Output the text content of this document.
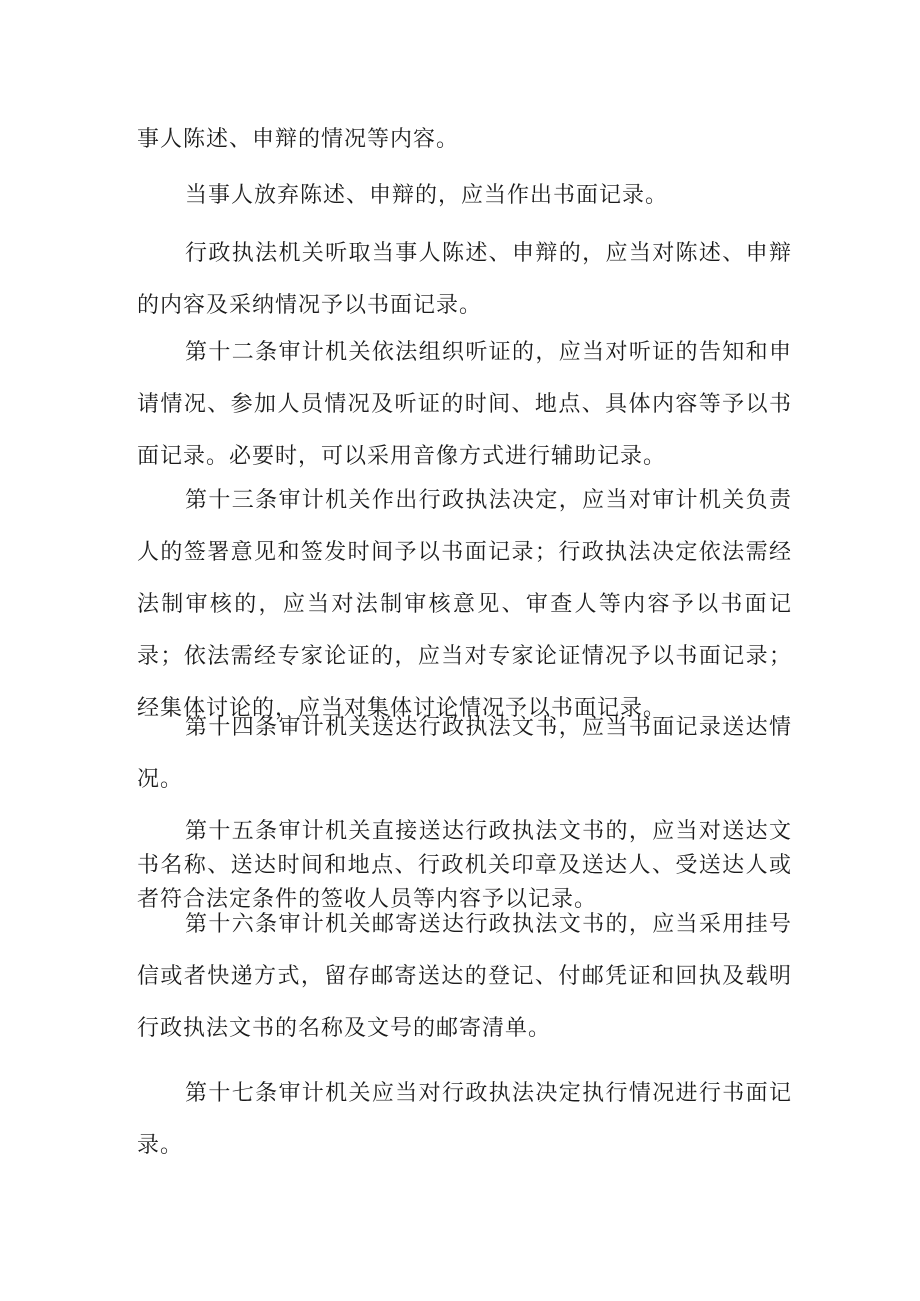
事人陈述、申辩的情况等内容。

当事人放弃陈述、申辩的，应当作出书面记录。

行政执法机关听取当事人陈述、申辩的，应当对陈述、申辩的内容及采纳情况予以书面记录。

第十二条审计机关依法组织听证的，应当对听证的告知和申请情况、参加人员情况及听证的时间、地点、具体内容等予以书面记录。必要时，可以采用音像方式进行辅助记录。

第十三条审计机关作出行政执法决定，应当对审计机关负责人的签署意见和签发时间予以书面记录；行政执法决定依法需经法制审核的，应当对法制审核意见、审查人等内容予以书面记录；依法需经专家论证的，应当对专家论证情况予以书面记录；经集体讨论的，应当对集体讨论情况予以书面记录。

第十四条审计机关送达行政执法文书，应当书面记录送达情况。

第十五条审计机关直接送达行政执法文书的，应当对送达文书名称、送达时间和地点、行政机关印章及送达人、受送达人或者符合法定条件的签收人员等内容予以记录。

第十六条审计机关邮寄送达行政执法文书的，应当采用挂号信或者快递方式，留存邮寄送达的登记、付邮凭证和回执及载明行政执法文书的名称及文号的邮寄清单。

第十七条审计机关应当对行政执法决定执行情况进行书面记录。
